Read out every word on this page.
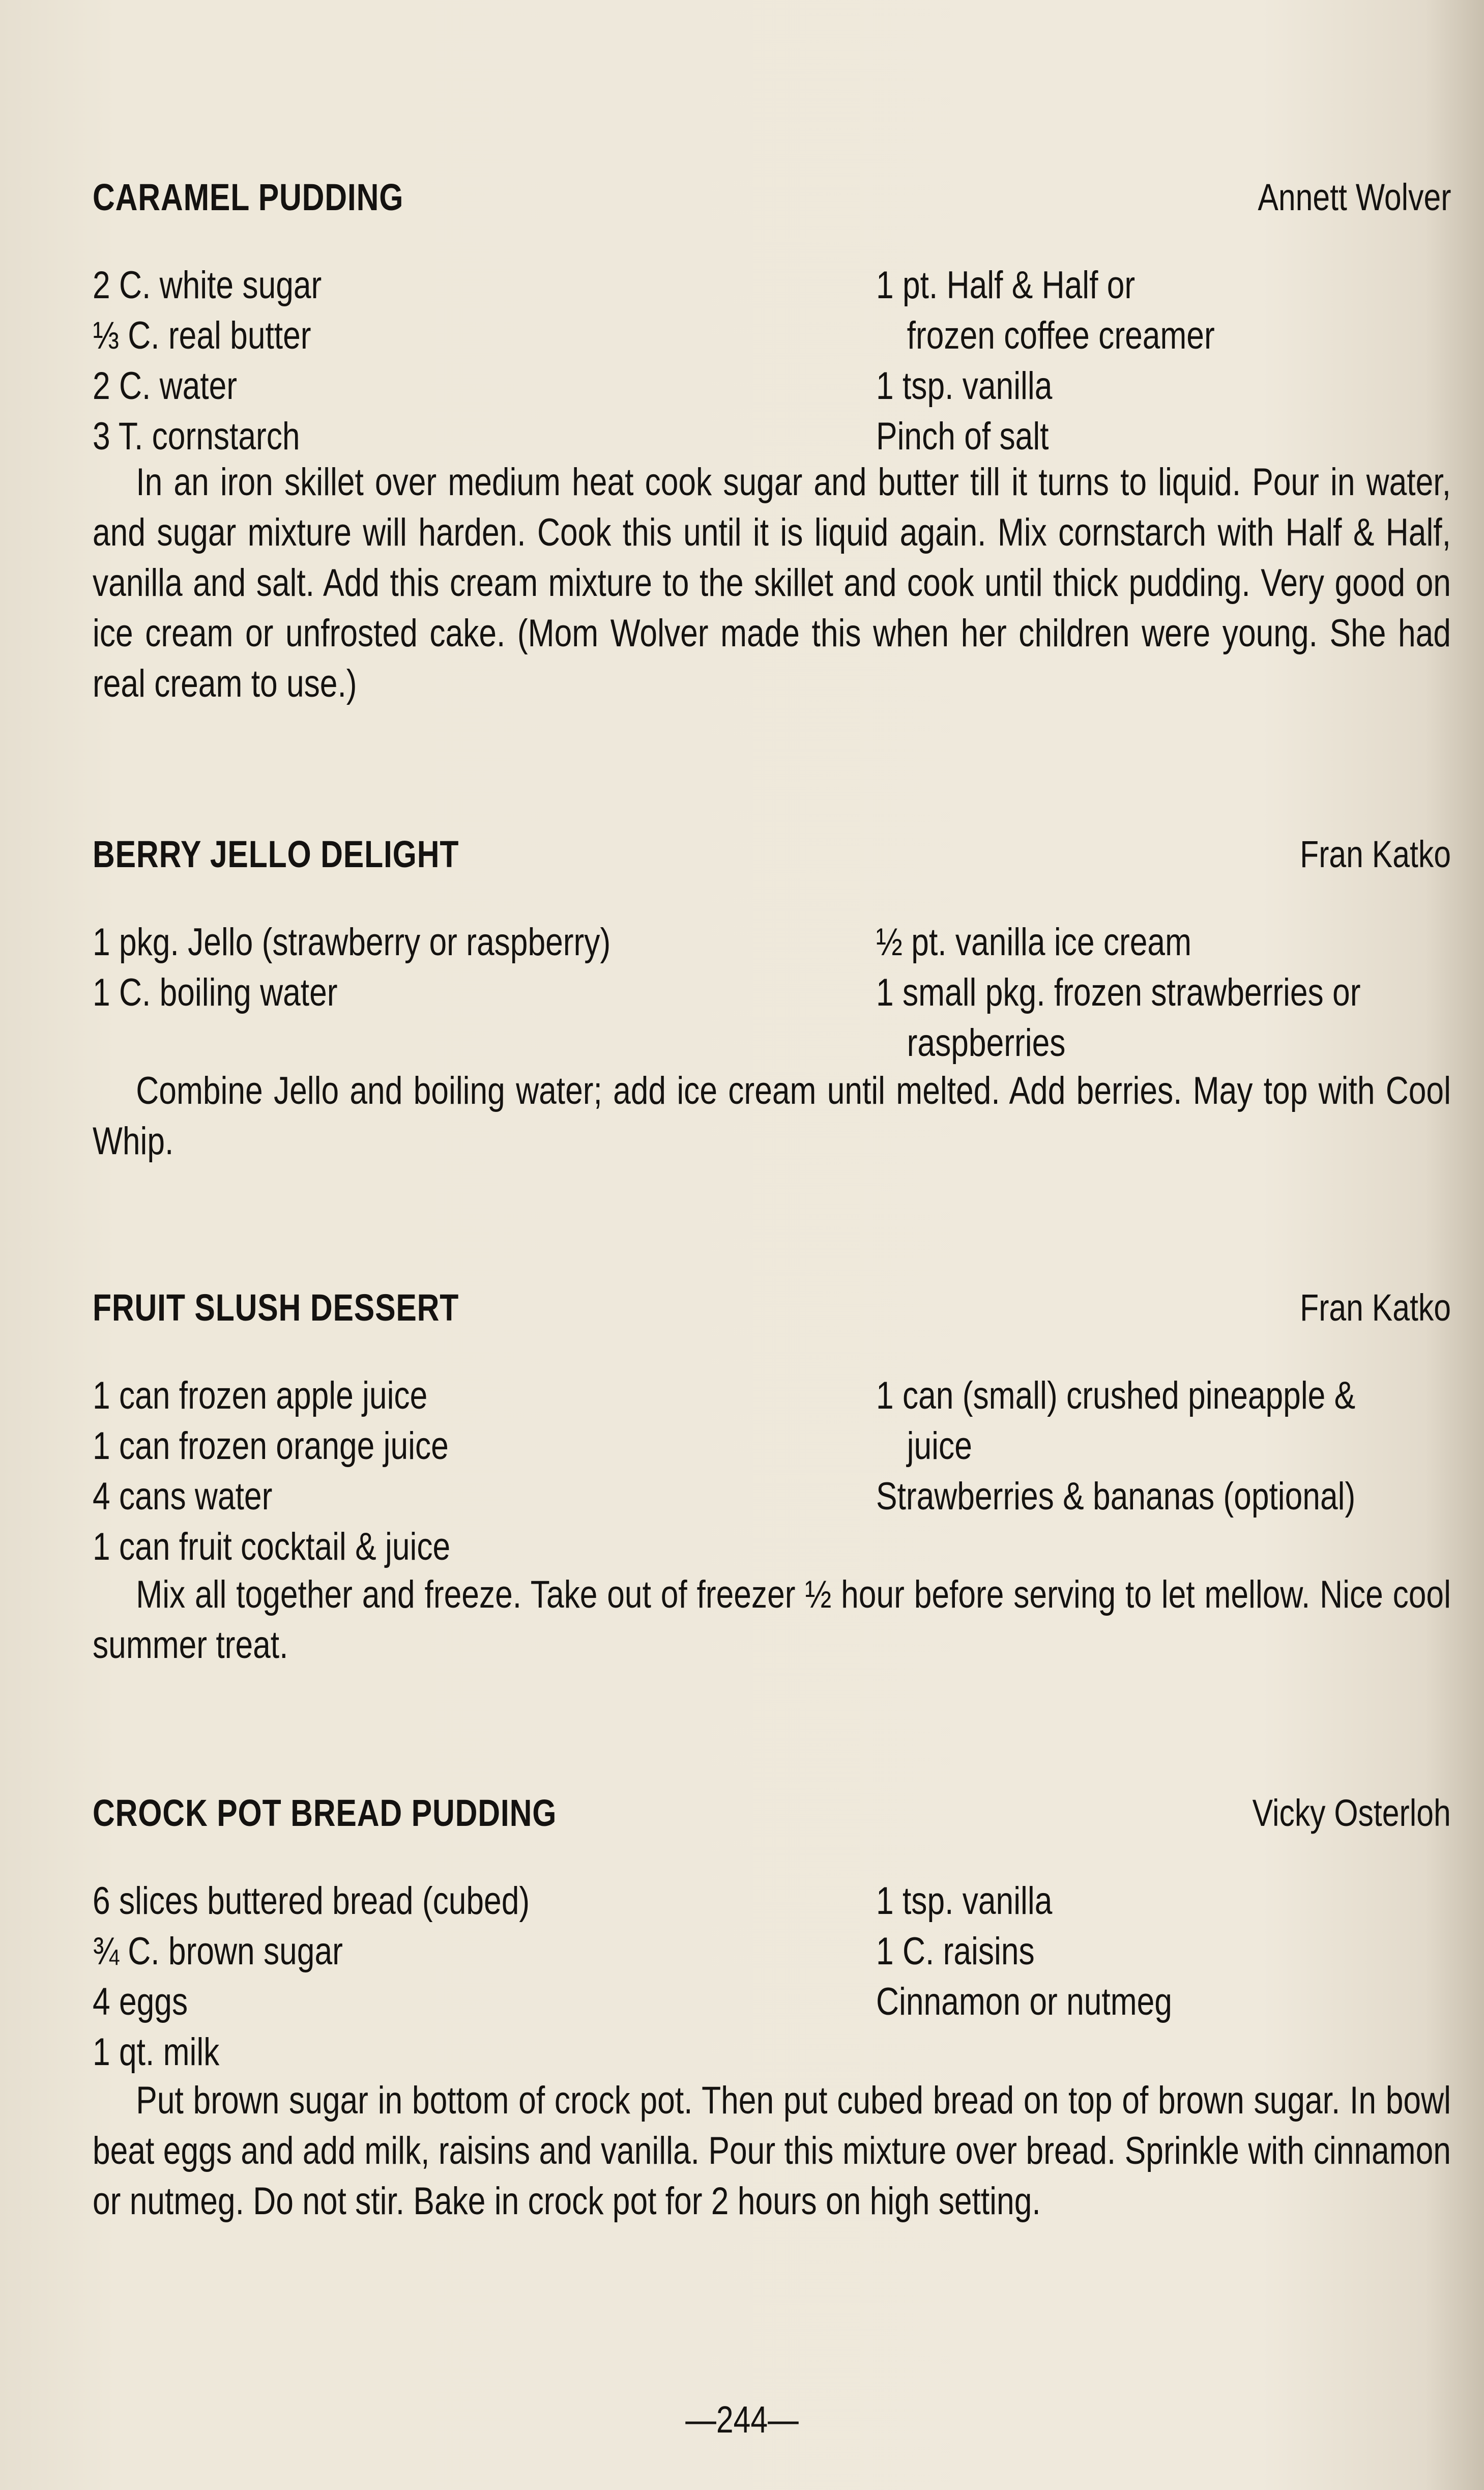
CARAMEL PUDDING	Annett Wolver
2 C. white sugar
⅓ C. real butter
2 C. water
3 T. cornstarch
1 pt. Half & Half or
frozen coffee creamer
1 tsp. vanilla
Pinch of salt
In an iron skillet over medium heat cook sugar and butter till it turns to liquid. Pour in water, and sugar mixture will harden. Cook this until it is liquid again. Mix cornstarch with Half & Half, vanilla and salt. Add this cream mixture to the skillet and cook until thick pudding. Very good on ice cream or unfrosted cake. (Mom Wolver made this when her children were young. She had real cream to use.)
BERRY JELLO DELIGHT	Fran Katko
1 pkg. Jello (strawberry or raspberry)
1 C. boiling water
½ pt. vanilla ice cream
1 small pkg. frozen strawberries or
raspberries
Combine Jello and boiling water; add ice cream until melted. Add berries. May top with Cool Whip.
FRUIT SLUSH DESSERT	Fran Katko
1 can frozen apple juice
1 can frozen orange juice
4 cans water
1 can fruit cocktail & juice
1 can (small) crushed pineapple &
juice
Strawberries & bananas (optional)
Mix all together and freeze. Take out of freezer ½ hour before serving to let mellow. Nice cool summer treat.
CROCK POT BREAD PUDDING	Vicky Osterloh
6 slices buttered bread (cubed)
¾ C. brown sugar
4 eggs
1 qt. milk
1 tsp. vanilla
1 C. raisins
Cinnamon or nutmeg
Put brown sugar in bottom of crock pot. Then put cubed bread on top of brown sugar. In bowl beat eggs and add milk, raisins and vanilla. Pour this mixture over bread. Sprinkle with cinnamon or nutmeg. Do not stir. Bake in crock pot for 2 hours on high setting.
—244—
